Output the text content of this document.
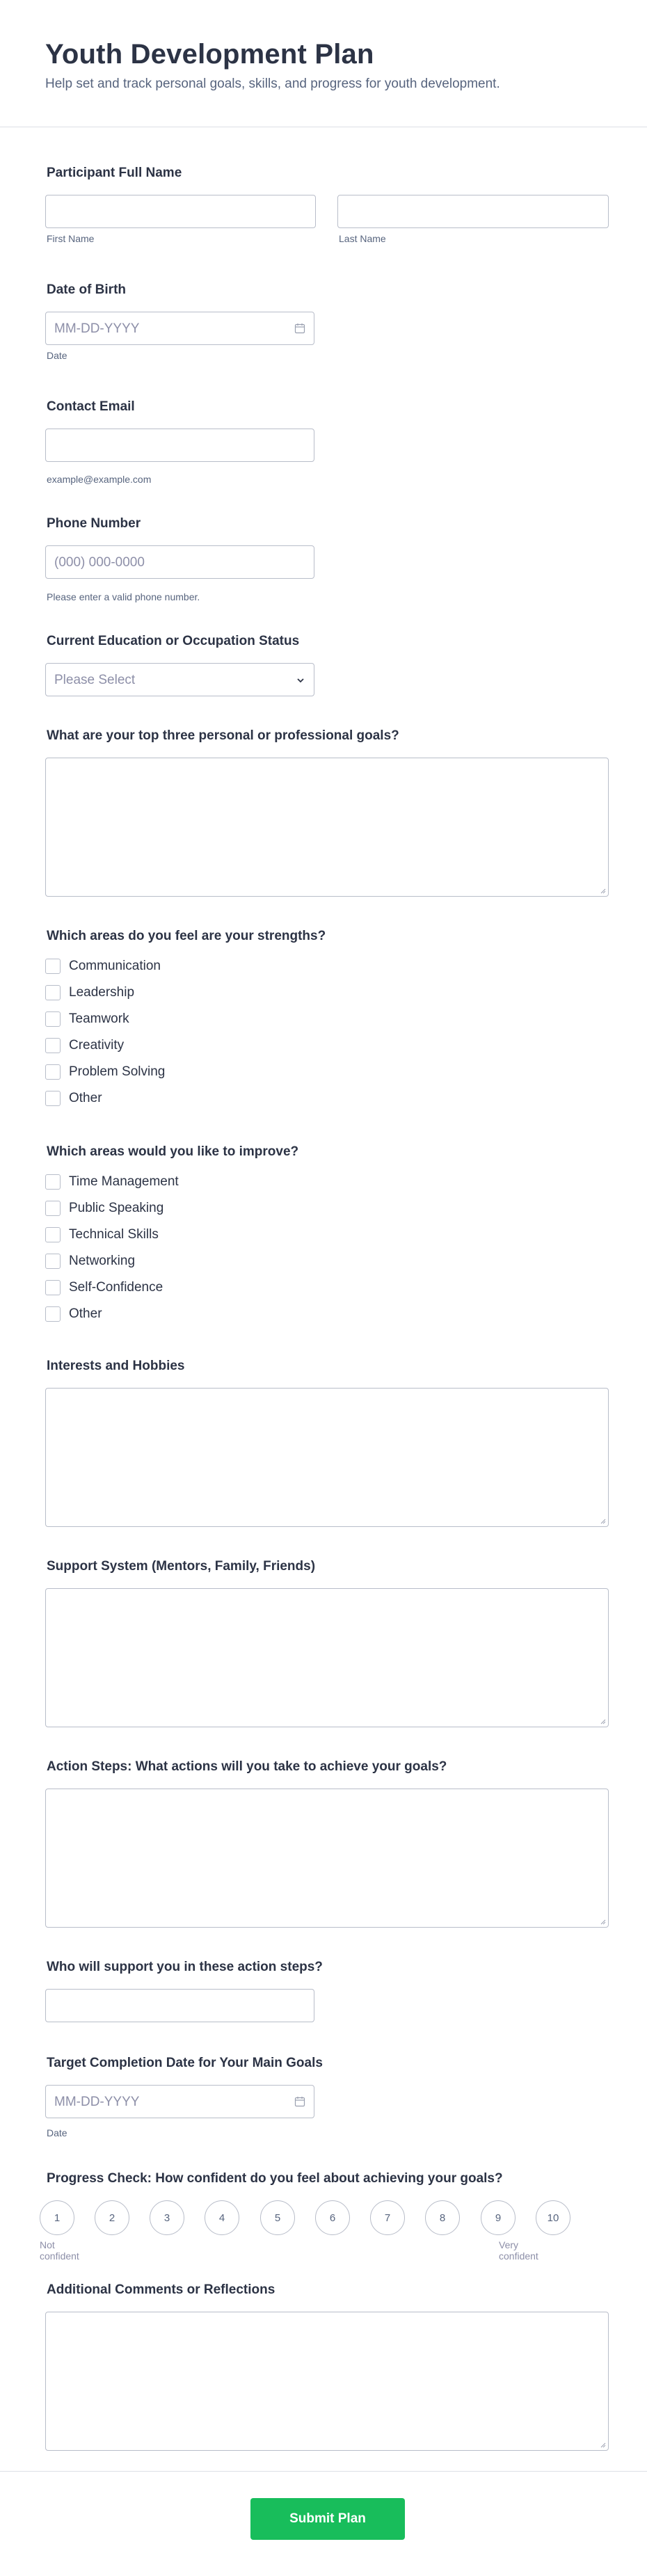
Youth Development Plan
Help set and track personal goals, skills, and progress for youth development.
Participant Full Name
First Name	Last Name
Date of Birth
MM-DD-YYYY
Date
Contact Email
example@example.com
Phone Number
(000) 000-0000
Please enter a valid phone number.
Current Education or Occupation Status
Please Select
What are your top three personal or professional goals?
Which areas do you feel are your strengths?
Communication
Leadership
Teamwork
Creativity
Problem Solving
Other
Which areas would you like to improve?
Time Management
Public Speaking
Technical Skills
Networking
Self-Confidence
Other
Interests and Hobbies
Support System (Mentors, Family, Friends)
Action Steps: What actions will you take to achieve your goals?
Who will support you in these action steps?
Target Completion Date for Your Main Goals
MM-DD-YYYY
Date
Progress Check: How confident do you feel about achieving your goals?
1	2	3	4	5	6	7	8	9	10
Not confident
Very confident
Additional Comments or Reflections
Submit Plan
